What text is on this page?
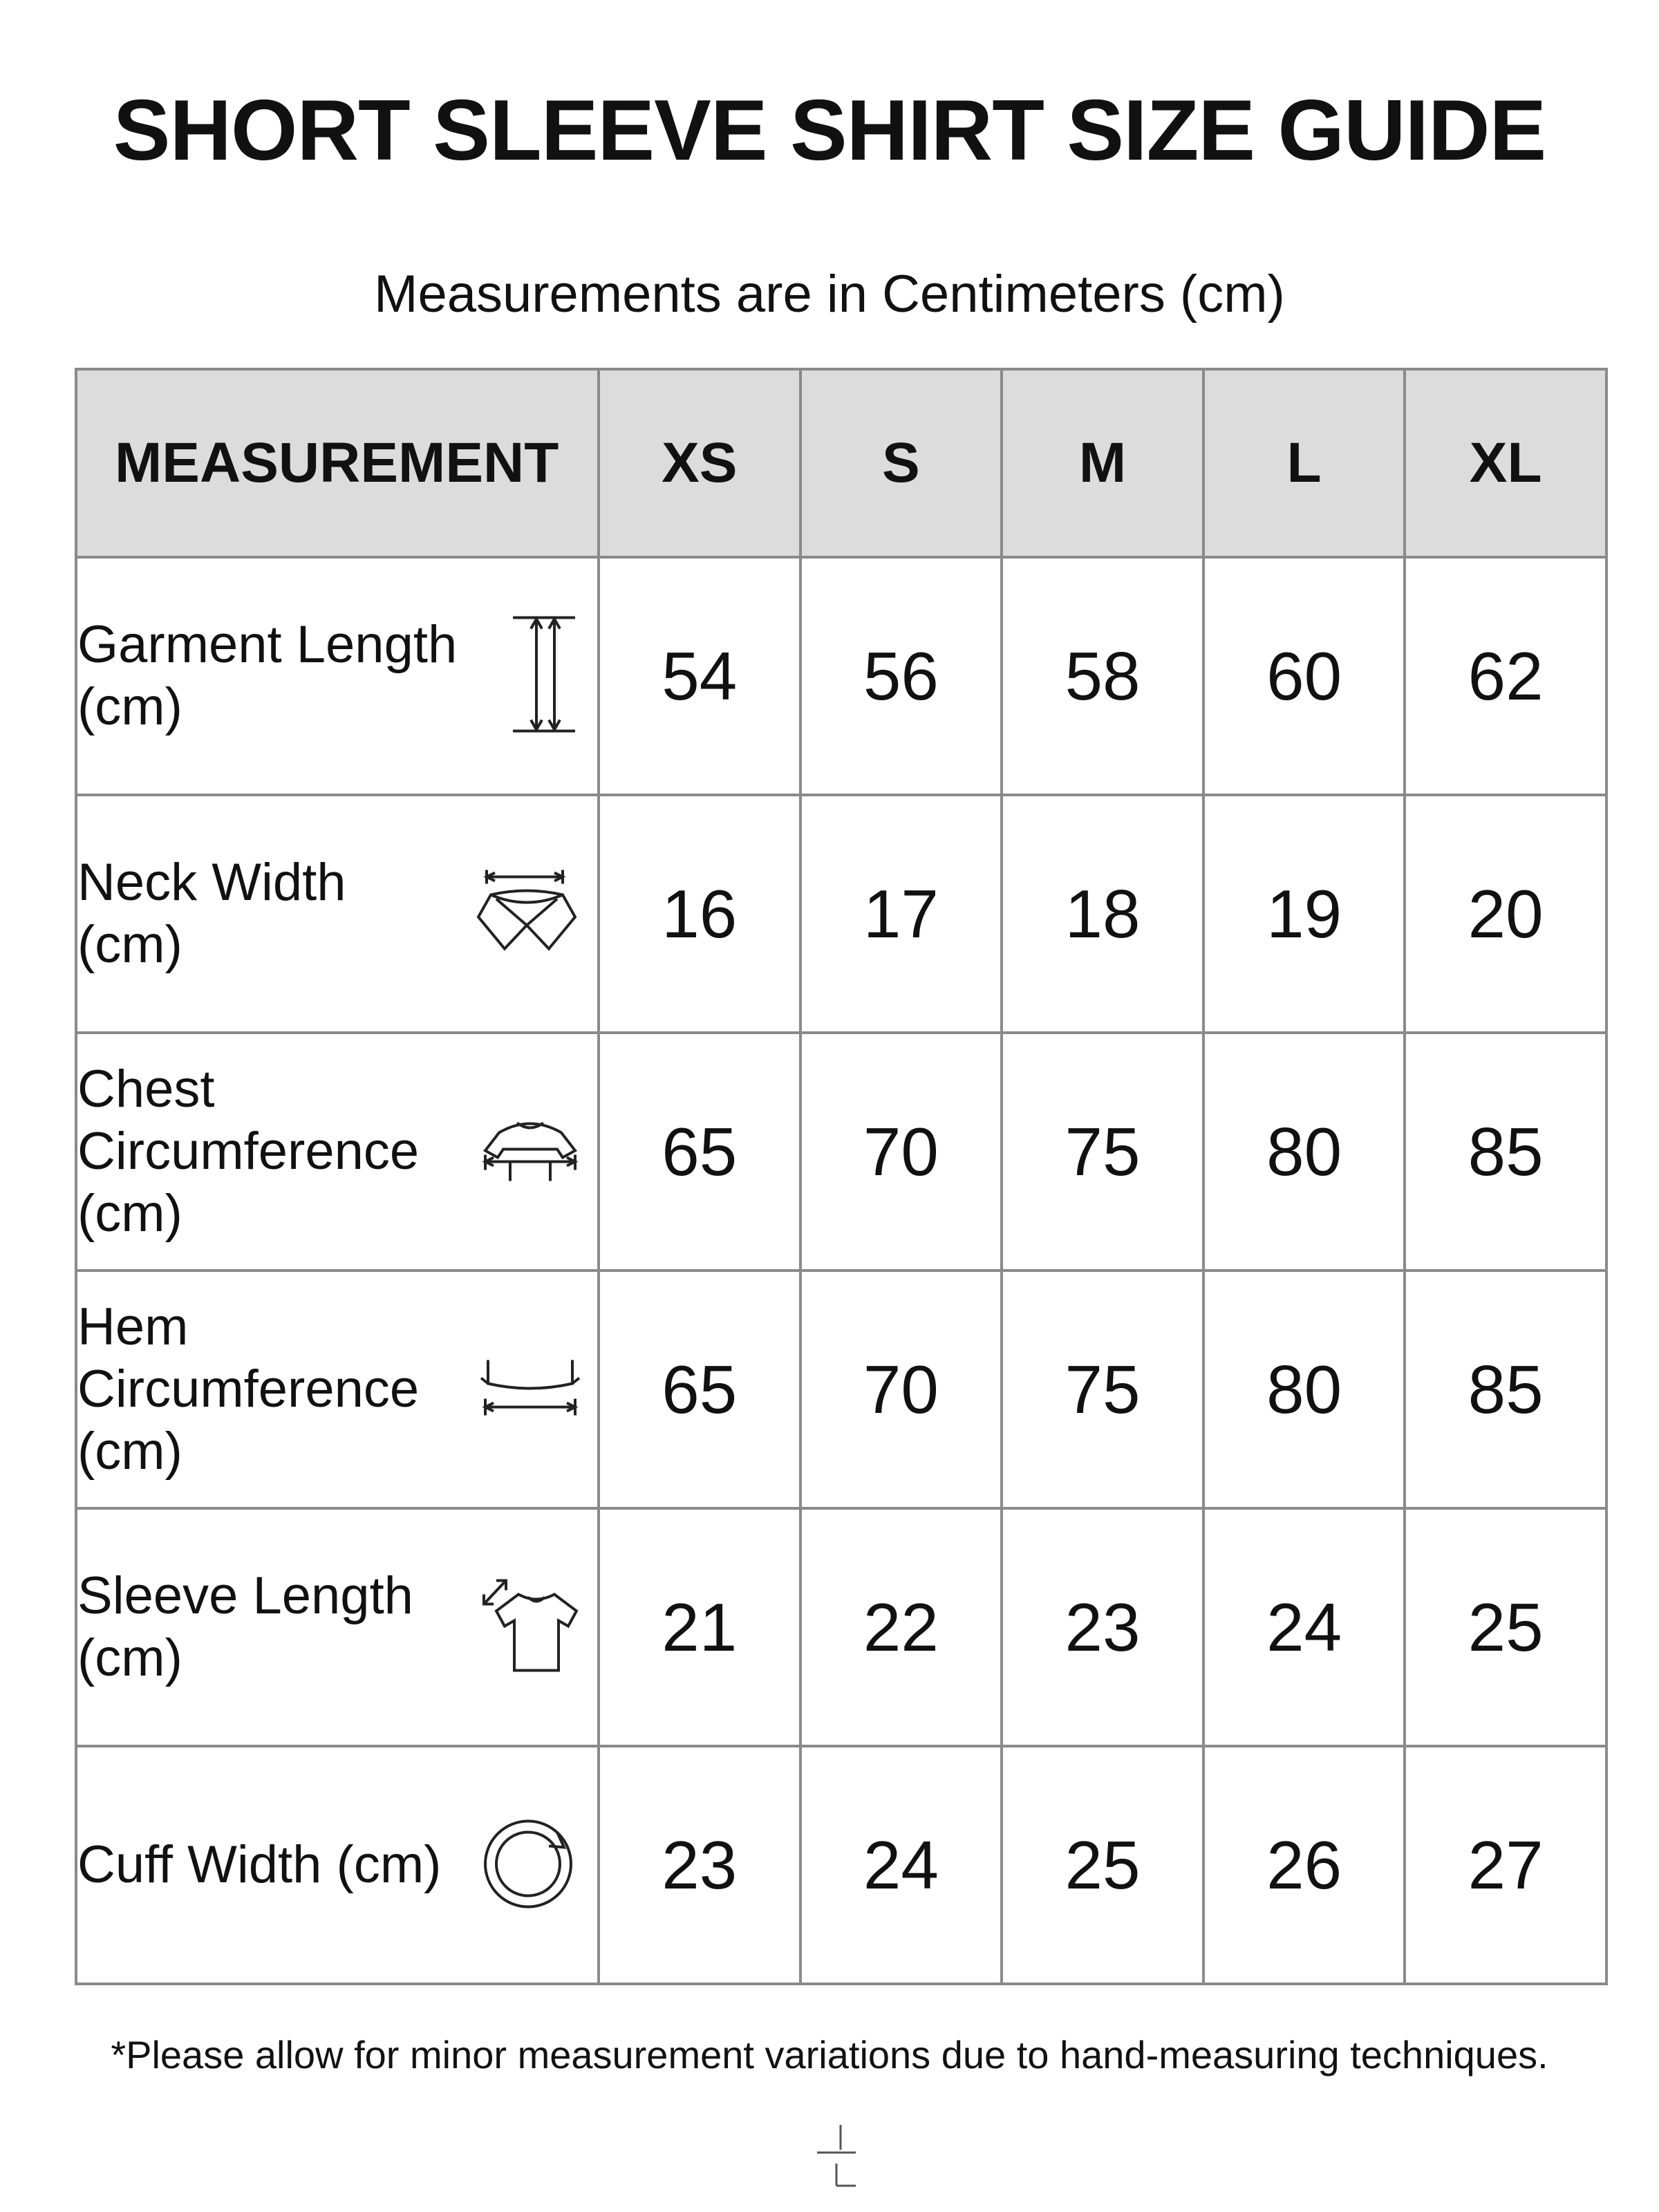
SHORT SLEEVE SHIRT SIZE GUIDE
Measurements are in Centimeters (cm)
MEASUREMENT	XS	S	M	L	XL

Garment Length (cm)	54	56	58	60	62

Neck Width (cm)	16	17	18	19	20

Chest Circumference (cm)	65	70	75	80	85

Hem Circumference (cm)	65	70	75	80	85

Sleeve Length (cm)	21	22	23	24	25

Cuff Width (cm)	23	24	25	26	27
*Please allow for minor measurement variations due to hand-measuring techniques.
